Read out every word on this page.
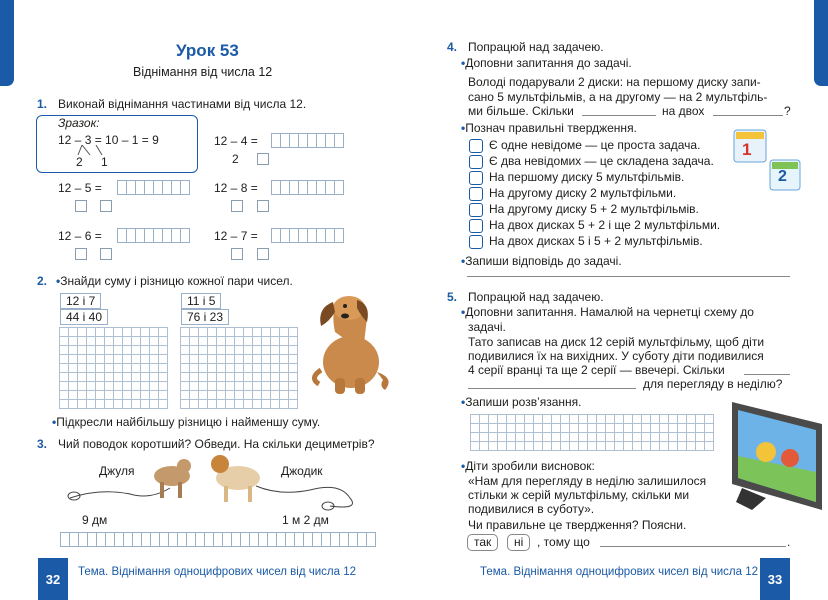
Урок 53
Віднімання від числа 12
1. Виконай віднімання частинами від числа 12.
Зразок:
12 – 3 = 10 – 1 = 9
2 1
12 – 4 =
2
12 – 5 =	12 – 8 =
12 – 6 =	12 – 7 =
2. •Знайди суму і різницю кожної пари чисел.
12 і 7	11 і 5
44 і 40	76 і 23
•Підкресли найбільшу різницю і найменшу суму.
3. Чий поводок коротший? Обведи. На скільки дециметрів?
Джуля	Джодик
9 дм	1 м 2 дм
32	Тема. Віднімання одноцифрових чисел від числа 12
4. Попрацюй над задачею.
•Доповни запитання до задачі.
Володі подарували 2 диски: на першому диску запи-
сано 5 мультфільмів, а на другому — на 2 мультфіль-
ми більше. Скільки	на двох	?
•Познач правильні твердження.
Є одне невідоме — це проста задача.
Є два невідомих — це складена задача.
На першому диску 5 мультфільмів.
На другому диску 2 мультфільми.
На другому диску 5 + 2 мультфільмів.
На двох дисках 5 + 2 і ще 2 мультфільми.
На двох дисках 5 і 5 + 2 мультфільмів.
1
2
•Запиши відповідь до задачі.
5. Попрацюй над задачею.
•Доповни запитання. Намалюй на чернетці схему до
задачі.
Тато записав на диск 12 серій мультфільму, щоб діти
подивилися їх на вихідних. У суботу діти подивилися
4 серії вранці та ще 2 серії — ввечері. Скільки
для перегляду в неділю?
•Запиши розв’язання.
•Діти зробили висновок:
«Нам для перегляду в неділю залишилося
стільки ж серій мультфільму, скільки ми
подивилися в суботу».
Чи правильне це твердження? Поясни.
так	ні	, тому що	.
Тема. Віднімання одноцифрових чисел від числа 12 33
